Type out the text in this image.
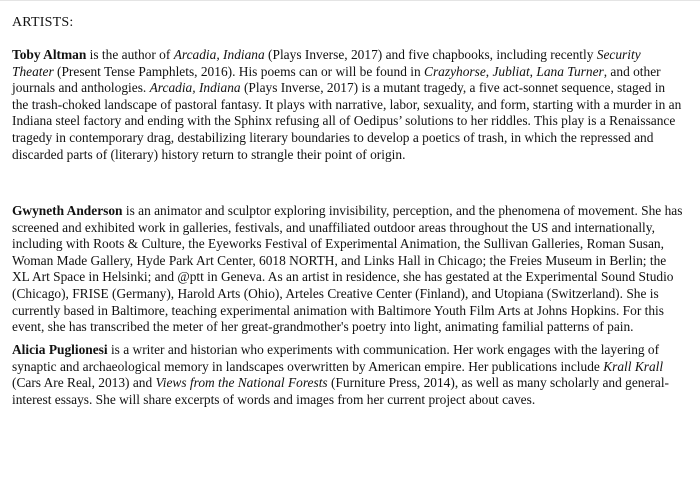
ARTISTS:

Toby Altman is the author of Arcadia, Indiana (Plays Inverse, 2017) and five chapbooks, including recently Security Theater (Present Tense Pamphlets, 2016). His poems can or will be found in Crazyhorse, Jubliat, Lana Turner, and other journals and anthologies. Arcadia, Indiana (Plays Inverse, 2017) is a mutant tragedy, a five act-sonnet sequence, staged in the trash-choked landscape of pastoral fantasy. It plays with narrative, labor, sexuality, and form, starting with a murder in an Indiana steel factory and ending with the Sphinx refusing all of Oedipus’ solutions to her riddles. This play is a Renaissance tragedy in contemporary drag, destabilizing literary boundaries to develop a poetics of trash, in which the repressed and discarded parts of (literary) history return to strangle their point of origin.

Gwyneth Anderson is an animator and sculptor exploring invisibility, perception, and the phenomena of movement. She has screened and exhibited work in galleries, festivals, and unaffiliated outdoor areas throughout the US and internationally, including with Roots & Culture, the Eyeworks Festival of Experimental Animation, the Sullivan Galleries, Roman Susan, Woman Made Gallery, Hyde Park Art Center, 6018 NORTH, and Links Hall in Chicago; the Freies Museum in Berlin; the XL Art Space in Helsinki; and @ptt in Geneva. As an artist in residence, she has gestated at the Experimental Sound Studio (Chicago), FRISE (Germany), Harold Arts (Ohio), Arteles Creative Center (Finland), and Utopiana (Switzerland). She is currently based in Baltimore, teaching experimental animation with Baltimore Youth Film Arts at Johns Hopkins. For this event, she has transcribed the meter of her great-grandmother's poetry into light, animating familial patterns of pain.

Alicia Puglionesi is a writer and historian who experiments with communication. Her work engages with the layering of synaptic and archaeological memory in landscapes overwritten by American empire. Her publications include Krall Krall (Cars Are Real, 2013) and Views from the National Forests (Furniture Press, 2014), as well as many scholarly and general-interest essays. She will share excerpts of words and images from her current project about caves.
